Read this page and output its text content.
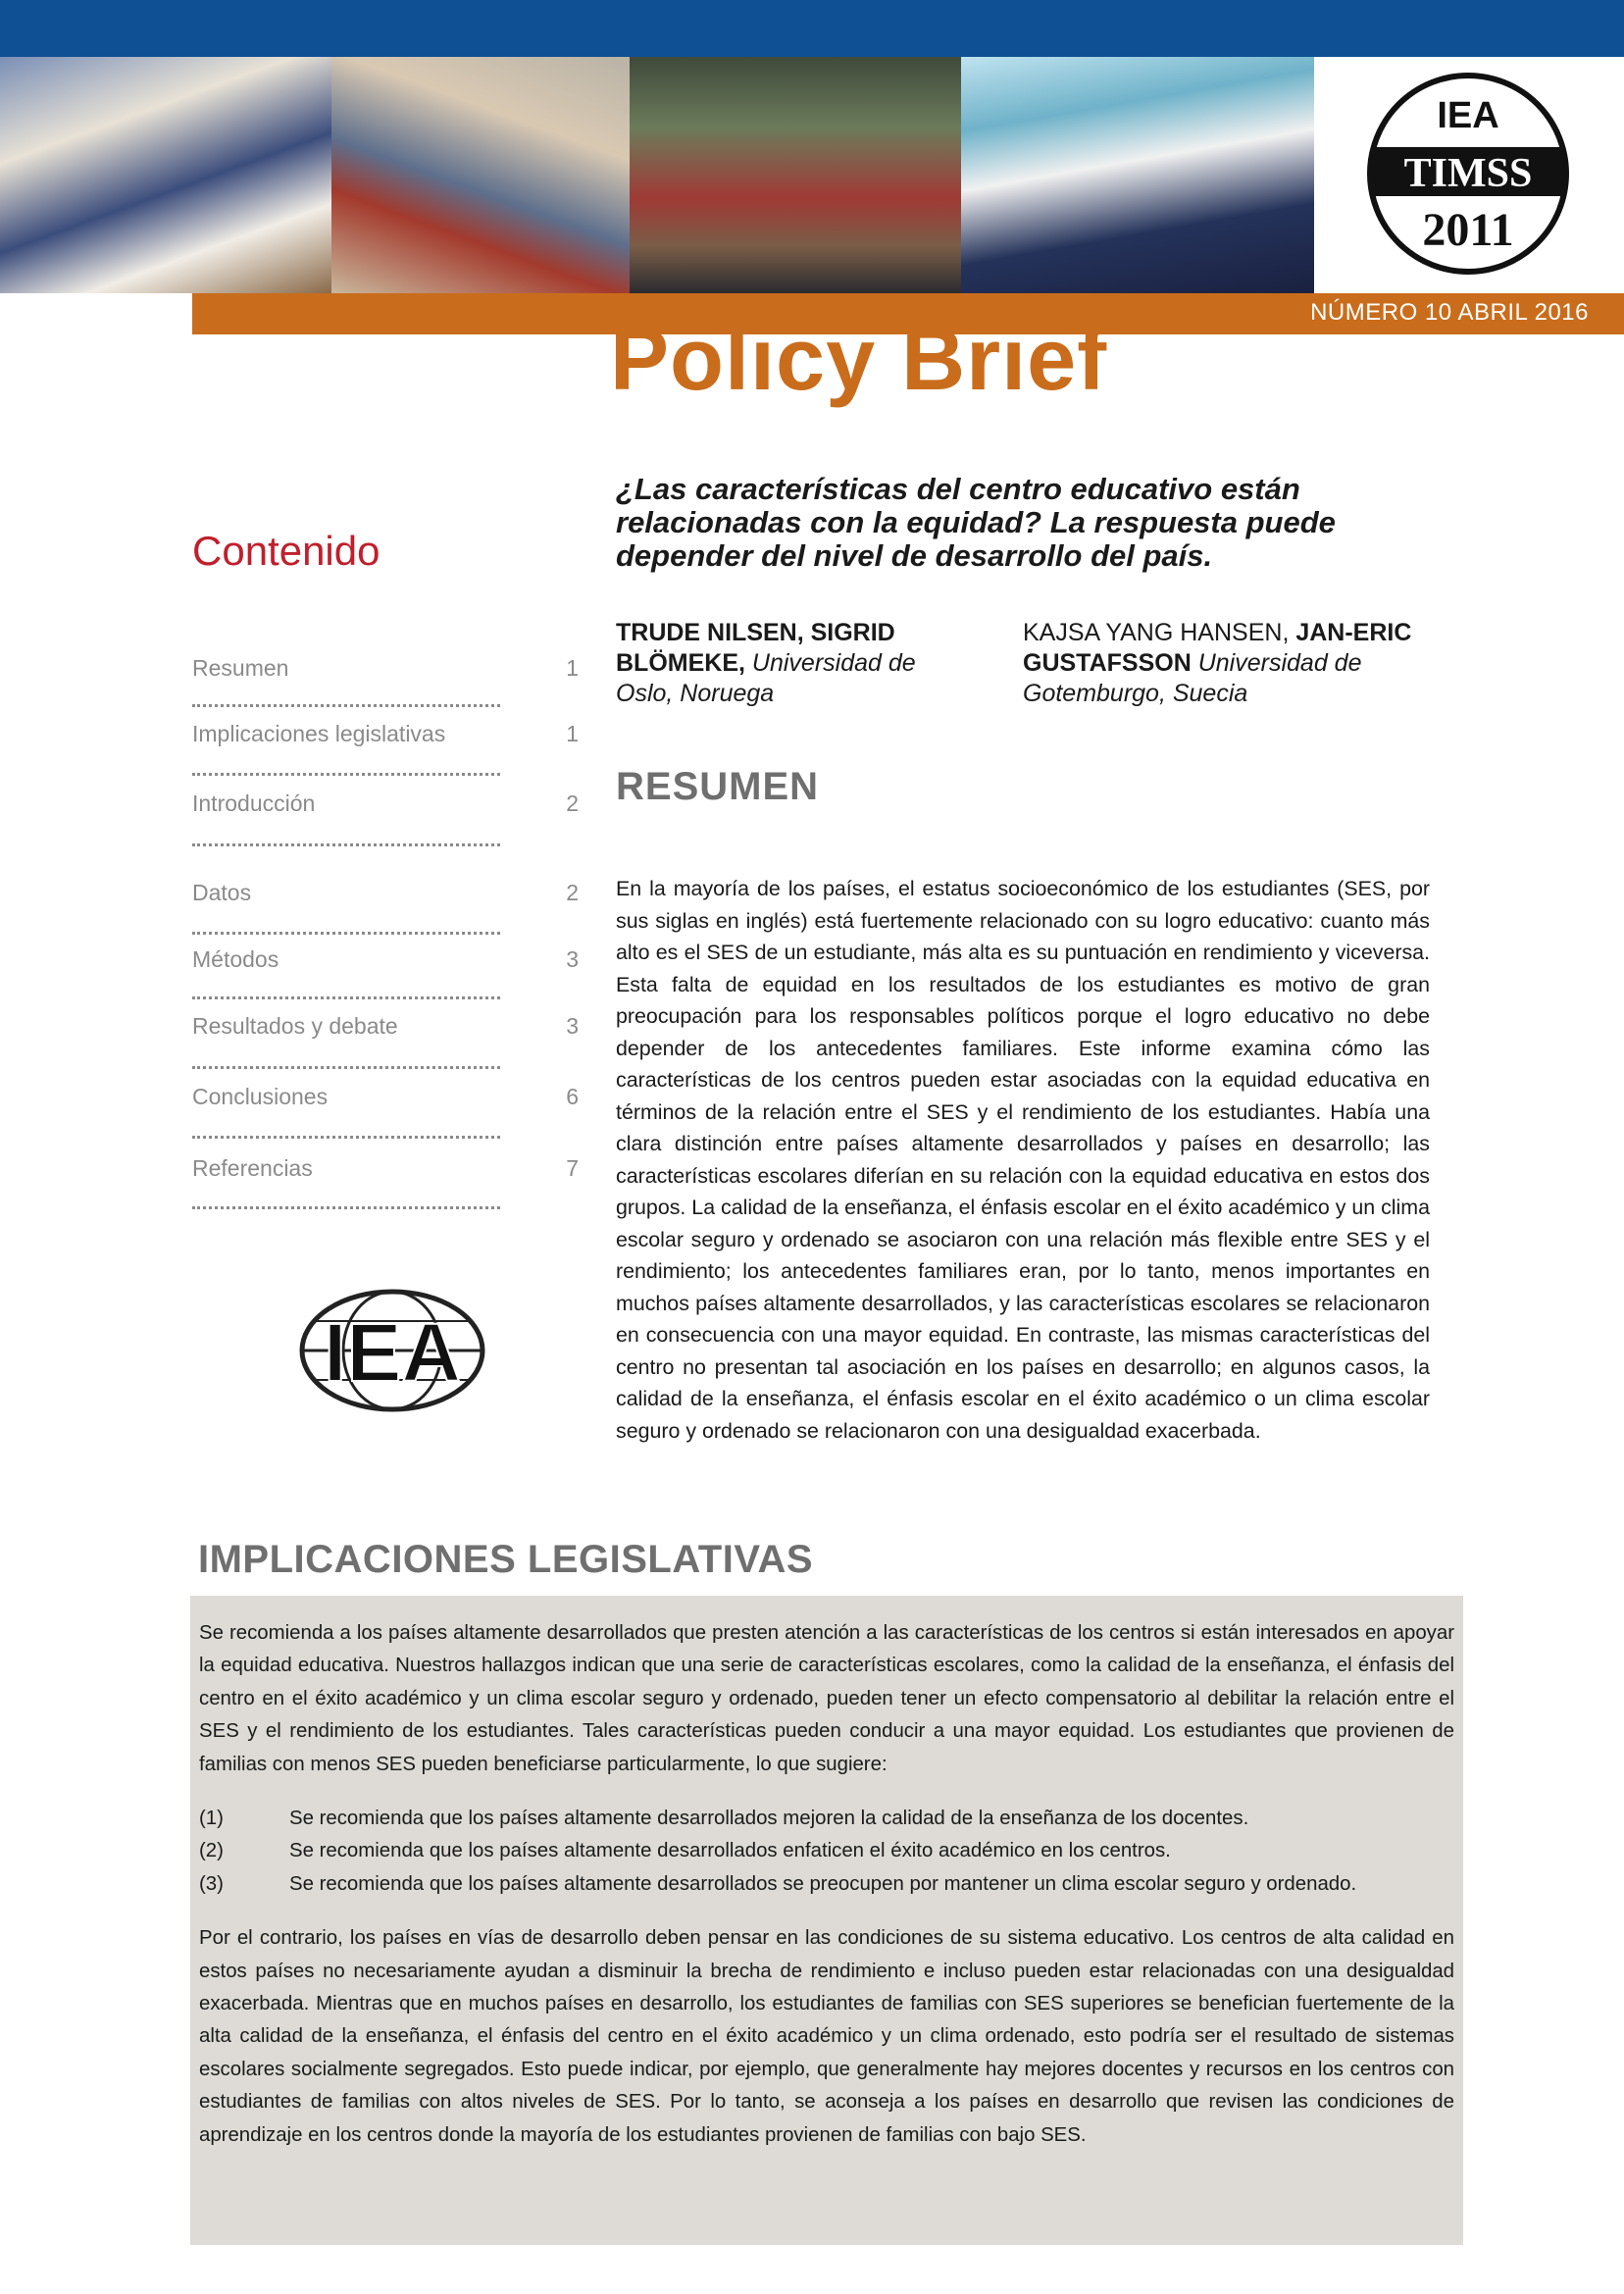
IEA
TIMSS
2011
NÚMERO 10 ABRIL 2016
Policy Brief
Contenido
Resumen	1
Implicaciones legislativas	1
Introducción	2
Datos	2
Métodos	3
Resultados y debate	3
Conclusiones	6
Referencias	7
IEA
¿Las características del centro educativo están relacionadas con la equidad? La respuesta puede depender del nivel de desarrollo del país.
TRUDE NILSEN, SIGRID BLÖMEKE, Universidad de Oslo, Noruega
KAJSA YANG HANSEN, JAN-ERIC GUSTAFSSON Universidad de Gotemburgo, Suecia
RESUMEN

En la mayoría de los países, el estatus socioeconómico de los estudiantes (SES, por sus siglas en inglés) está fuertemente relacionado con su logro educativo: cuanto más alto es el SES de un estudiante, más alta es su puntuación en rendimiento y viceversa. Esta falta de equidad en los resultados de los estudiantes es motivo de gran preocupación para los responsables políticos porque el logro educativo no debe depender de los antecedentes familiares. Este informe examina cómo las características de los centros pueden estar asociadas con la equidad educativa en términos de la relación entre el SES y el rendimiento de los estudiantes. Había una clara distinción entre países altamente desarrollados y países en desarrollo; las características escolares diferían en su relación con la equidad educativa en estos dos grupos. La calidad de la enseñanza, el énfasis escolar en el éxito académico y un clima escolar seguro y ordenado se asociaron con una relación más flexible entre SES y el rendimiento; los antecedentes familiares eran, por lo tanto, menos importantes en muchos países altamente desarrollados, y las características escolares se relacionaron en consecuencia con una mayor equidad. En contraste, las mismas características del centro no presentan tal asociación en los países en desarrollo; en algunos casos, la calidad de la enseñanza, el énfasis escolar en el éxito académico o un clima escolar seguro y ordenado se relacionaron con una desigualdad exacerbada.

IMPLICACIONES LEGISLATIVAS

Se recomienda a los países altamente desarrollados que presten atención a las características de los centros si están interesados en apoyar la equidad educativa. Nuestros hallazgos indican que una serie de características escolares, como la calidad de la enseñanza, el énfasis del centro en el éxito académico y un clima escolar seguro y ordenado, pueden tener un efecto compensatorio al debilitar la relación entre el SES y el rendimiento de los estudiantes. Tales características pueden conducir a una mayor equidad. Los estudiantes que provienen de familias con menos SES pueden beneficiarse particularmente, lo que sugiere:

(1)	Se recomienda que los países altamente desarrollados mejoren la calidad de la enseñanza de los docentes.
(2)	Se recomienda que los países altamente desarrollados enfaticen el éxito académico en los centros.
(3)	Se recomienda que los países altamente desarrollados se preocupen por mantener un clima escolar seguro y ordenado.

Por el contrario, los países en vías de desarrollo deben pensar en las condiciones de su sistema educativo. Los centros de alta calidad en estos países no necesariamente ayudan a disminuir la brecha de rendimiento e incluso pueden estar relacionadas con una desigualdad exacerbada. Mientras que en muchos países en desarrollo, los estudiantes de familias con SES superiores se benefician fuertemente de la alta calidad de la enseñanza, el énfasis del centro en el éxito académico y un clima ordenado, esto podría ser el resultado de sistemas escolares socialmente segregados. Esto puede indicar, por ejemplo, que generalmente hay mejores docentes y recursos en los centros con estudiantes de familias con altos niveles de SES. Por lo tanto, se aconseja a los países en desarrollo que revisen las condiciones de aprendizaje en los centros donde la mayoría de los estudiantes provienen de familias con bajo SES.
